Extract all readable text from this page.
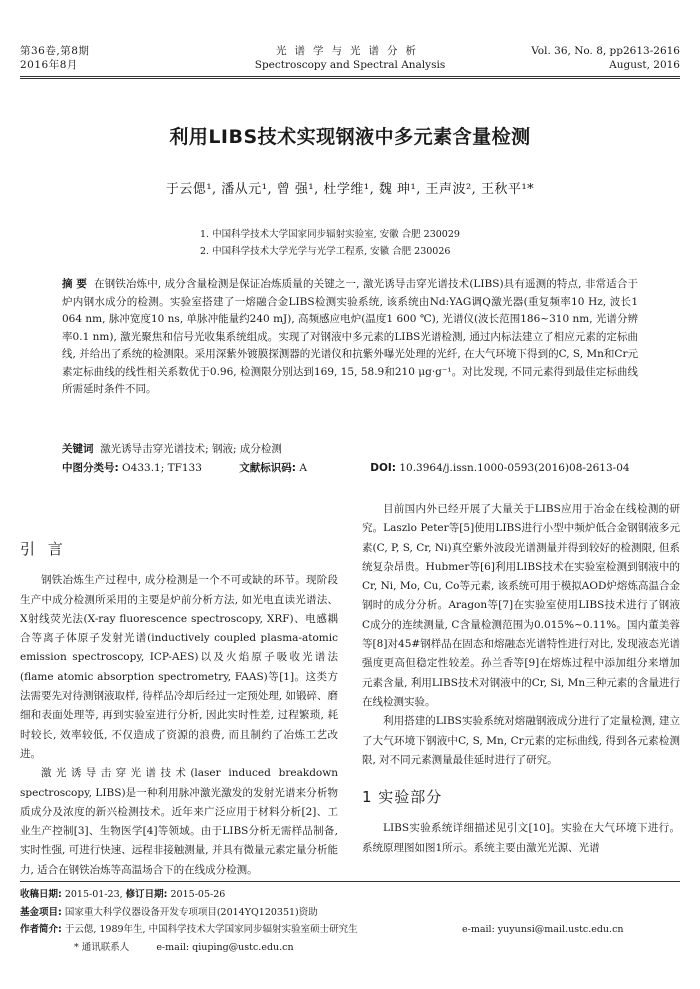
第36卷,第8期
2016年8月
光谱学与光谱分析
Spectroscopy and Spectral Analysis
Vol. 36, No. 8, pp2613-2616
August, 2016
利用LIBS技术实现钢液中多元素含量检测
于云偲¹, 潘从元¹, 曾 强¹, 杜学维¹, 魏 珅¹, 王声波², 王秋平¹*
1. 中国科学技术大学国家同步辐射实验室, 安徽 合肥 230029
2. 中国科学技术大学光学与光学工程系, 安徽 合肥 230026
摘 要 在钢铁冶炼中, 成分含量检测是保证冶炼质量的关键之一, 激光诱导击穿光谱技术(LIBS)具有遥测的特点, 非常适合于炉内钢水成分的检测。实验室搭建了一熔融合金LIBS检测实验系统, 该系统由Nd:YAG调Q激光器(重复频率10 Hz, 波长1 064 nm, 脉冲宽度10 ns, 单脉冲能量约240 mJ), 高频感应电炉(温度1 600 ℃), 光谱仪(波长范围186~310 nm, 光谱分辨率0.1 nm), 激光聚焦和信号光收集系统组成。实现了对钢液中多元素的LIBS光谱检测, 通过内标法建立了相应元素的定标曲线, 并给出了系统的检测限。采用深紫外镀膜探测器的光谱仪和抗紫外曝光处理的光纤, 在大气环境下得到的C, S, Mn和Cr元素定标曲线的线性相关系数优于0.96, 检测限分别达到169, 15, 58.9和210 μg·g⁻¹。对比发现, 不同元素得到最佳定标曲线所需延时条件不同。
关键词 激光诱导击穿光谱技术; 钢液; 成分检测
中图分类号: O433.1; TF133	文献标识码: A	DOI: 10.3964/j.issn.1000-0593(2016)08-2613-04
引 言

钢铁冶炼生产过程中, 成分检测是一个不可或缺的环节。现阶段生产中成分检测所采用的主要是炉前分析方法, 如光电直读光谱法、X射线荧光法(X-ray fluorescence spectroscopy, XRF)、电感耦合等离子体原子发射光谱(inductively coupled plasma-atomic emission spectroscopy, ICP-AES)以及火焰原子吸收光谱法(flame atomic absorption spectrometry, FAAS)等[1]。这类方法需要先对待测钢液取样, 待样品冷却后经过一定预处理, 如锻碎、磨细和表面处理等, 再到实验室进行分析, 因此实时性差, 过程繁琐, 耗时较长, 效率较低, 不仅造成了资源的浪费, 而且制约了冶炼工艺改进。

激光诱导击穿光谱技术(laser induced breakdown spectroscopy, LIBS)是一种利用脉冲激光激发的发射光谱来分析物质成分及浓度的新兴检测技术。近年来广泛应用于材料分析[2]、工业生产控制[3]、生物医学[4]等领域。由于LIBS分析无需样品制备, 实时性强, 可进行快速、远程非接触测量, 并具有微量元素定量分析能力, 适合在钢铁冶炼等高温场合下的在线成分检测。

目前国内外已经开展了大量关于LIBS应用于冶金在线检测的研究。Laszlo Peter等[5]使用LIBS进行小型中频炉低合金钢钢液多元素(C, P, S, Cr, Ni)真空紫外波段光谱测量并得到较好的检测限, 但系统复杂昂贵。Hubmer等[6]利用LIBS技术在实验室检测到钢液中的Cr, Ni, Mo, Cu, Co等元素, 该系统可用于模拟AOD炉熔炼高温合金钢时的成分分析。Aragon等[7]在实验室使用LIBS技术进行了钢液C成分的连续测量, C含量检测范围为0.015%~0.11%。国内董美蓉等[8]对45#钢样品在固态和熔融态光谱特性进行对比, 发现液态光谱强度更高但稳定性较差。孙兰香等[9]在熔炼过程中添加组分来增加元素含量, 利用LIBS技术对钢液中的Cr, Si, Mn三种元素的含量进行在线检测实验。

利用搭建的LIBS实验系统对熔融钢液成分进行了定量检测, 建立了大气环境下钢液中C, S, Mn, Cr元素的定标曲线, 得到各元素检测限, 对不同元素测量最佳延时进行了研究。

1 实验部分

LIBS实验系统详细描述见引文[10]。实验在大气环境下进行。系统原理图如图1所示。系统主要由激光光源、光谱

收稿日期: 2015-01-23, 修订日期: 2015-05-26
基金项目: 国家重大科学仪器设备开发专项项目(2014YQ120351)资助
作者简介: 于云偲, 1989年生, 中国科学技术大学国家同步辐射实验室硕士研究生	e-mail: yuyunsi@mail.ustc.edu.cn
* 通讯联系人	e-mail: qiuping@ustc.edu.cn
